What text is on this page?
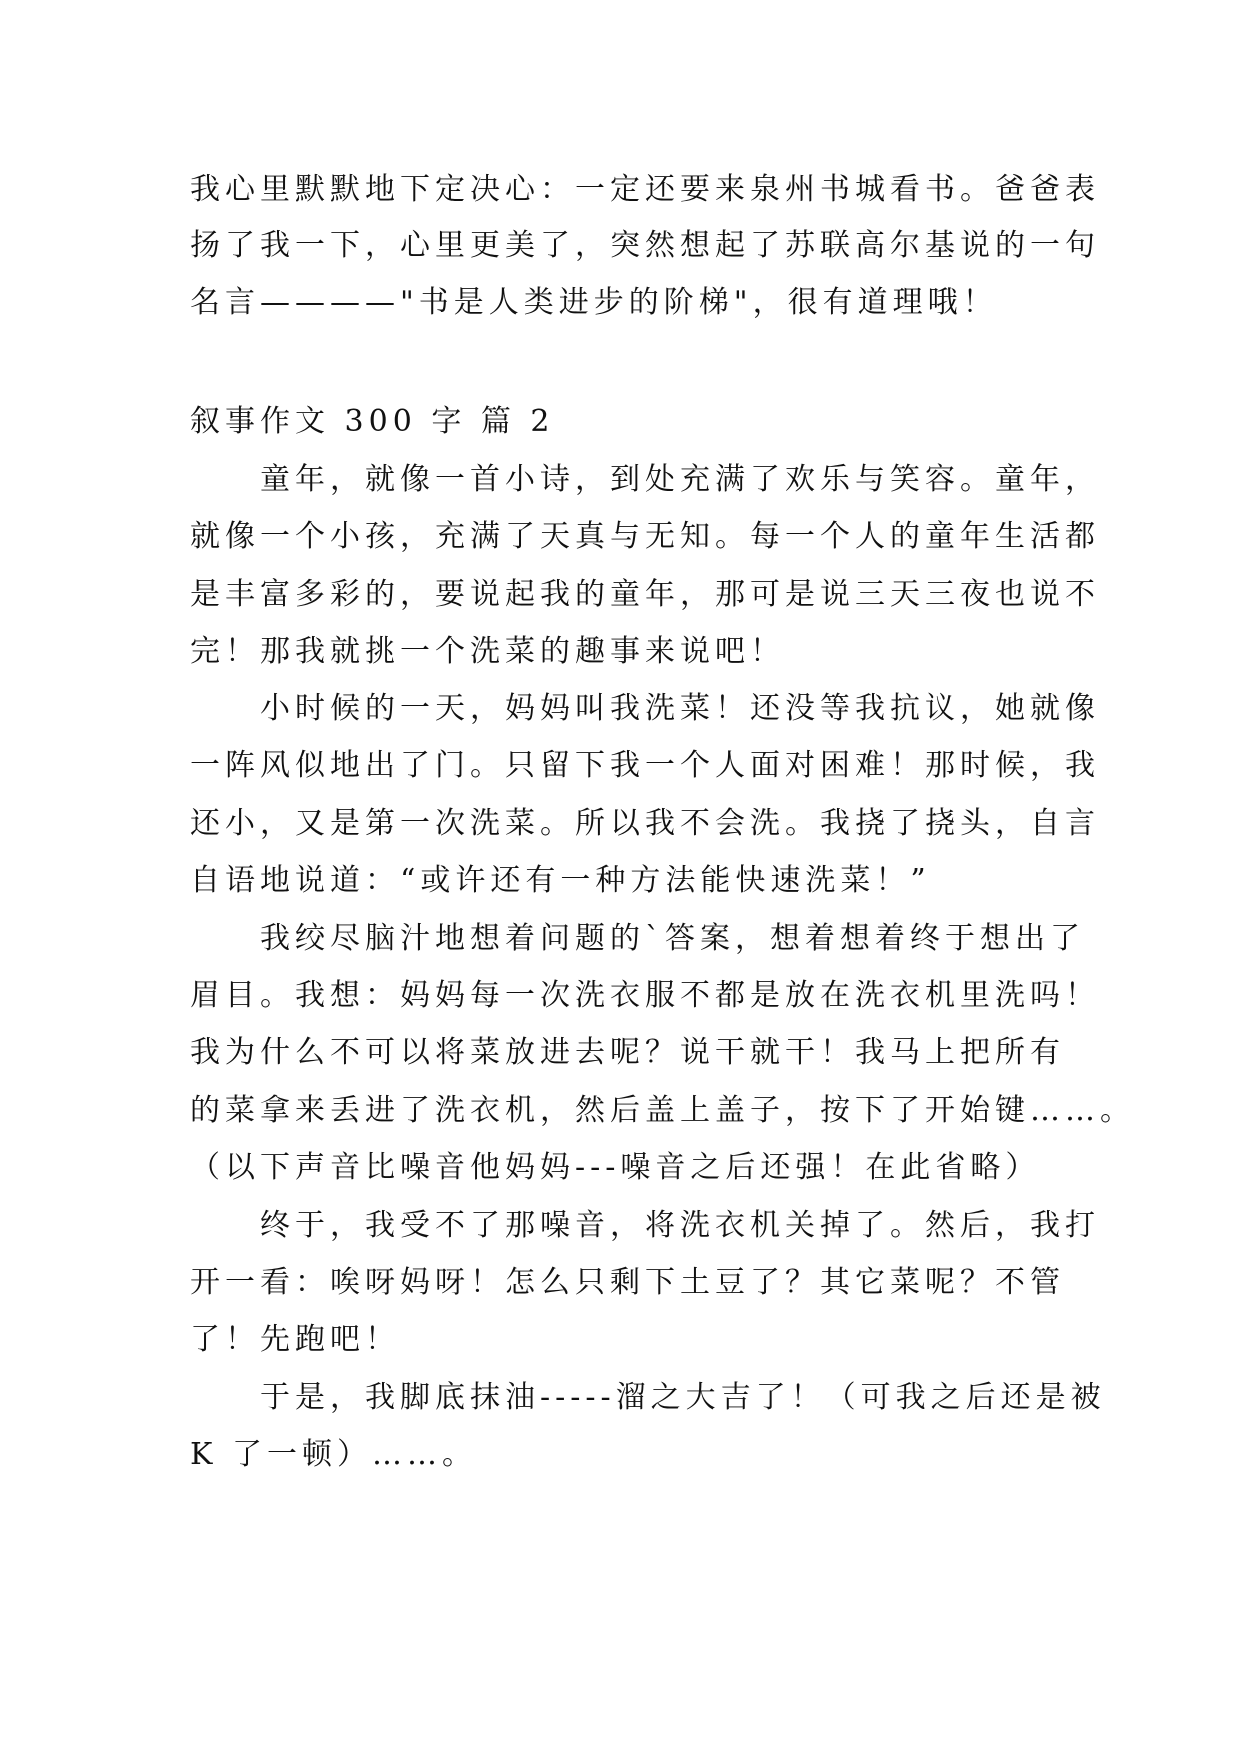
我心里默默地下定决心：一定还要来泉州书城看书。爸爸表
扬了我一下，心里更美了，突然想起了苏联高尔基说的一句
名言————"书是人类进步的阶梯"，很有道理哦！
叙事作文 300 字 篇 2
　　童年，就像一首小诗，到处充满了欢乐与笑容。童年，
就像一个小孩，充满了天真与无知。每一个人的童年生活都
是丰富多彩的，要说起我的童年，那可是说三天三夜也说不
完！那我就挑一个洗菜的趣事来说吧！
　　小时候的一天，妈妈叫我洗菜！还没等我抗议，她就像
一阵风似地出了门。只留下我一个人面对困难！那时候，我
还小，又是第一次洗菜。所以我不会洗。我挠了挠头，自言
自语地说道：“或许还有一种方法能快速洗菜！”
　　我绞尽脑汁地想着问题的`答案，想着想着终于想出了
眉目。我想：妈妈每一次洗衣服不都是放在洗衣机里洗吗！
我为什么不可以将菜放进去呢？说干就干！我马上把所有
的菜拿来丢进了洗衣机，然后盖上盖子，按下了开始键……。
（以下声音比噪音他妈妈---噪音之后还强！在此省略）
　　终于，我受不了那噪音，将洗衣机关掉了。然后，我打
开一看：唉呀妈呀！怎么只剩下土豆了？其它菜呢？不管
了！先跑吧！
　　于是，我脚底抹油-----溜之大吉了！（可我之后还是被
K 了一顿）……。
